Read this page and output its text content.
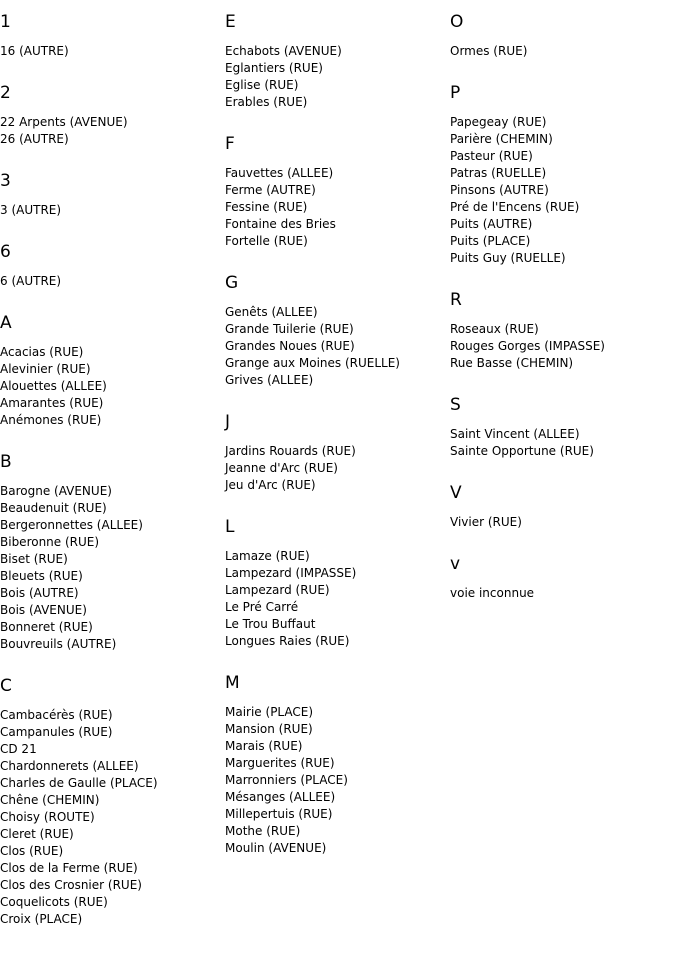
1
16 (AUTRE)
2
22 Arpents (AVENUE)
26 (AUTRE)
3
3 (AUTRE)
6
6 (AUTRE)
A
Acacias (RUE)
Alevinier (RUE)
Alouettes (ALLEE)
Amarantes (RUE)
Anémones (RUE)
B
Barogne (AVENUE)
Beaudenuit (RUE)
Bergeronnettes (ALLEE)
Biberonne (RUE)
Biset (RUE)
Bleuets (RUE)
Bois (AUTRE)
Bois (AVENUE)
Bonneret (RUE)
Bouvreuils (AUTRE)
C
Cambacérès (RUE)
Campanules (RUE)
CD 21
Chardonnerets (ALLEE)
Charles de Gaulle (PLACE)
Chêne (CHEMIN)
Choisy (ROUTE)
Cleret (RUE)
Clos (RUE)
Clos de la Ferme (RUE)
Clos des Crosnier (RUE)
Coquelicots (RUE)
Croix (PLACE)
E
Echabots (AVENUE)
Eglantiers (RUE)
Eglise (RUE)
Erables (RUE)
F
Fauvettes (ALLEE)
Ferme (AUTRE)
Fessine (RUE)
Fontaine des Bries
Fortelle (RUE)
G
Genêts (ALLEE)
Grande Tuilerie (RUE)
Grandes Noues (RUE)
Grange aux Moines (RUELLE)
Grives (ALLEE)
J
Jardins Rouards (RUE)
Jeanne d'Arc (RUE)
Jeu d'Arc (RUE)
L
Lamaze (RUE)
Lampezard (IMPASSE)
Lampezard (RUE)
Le Pré Carré
Le Trou Buffaut
Longues Raies (RUE)
M
Mairie (PLACE)
Mansion (RUE)
Marais (RUE)
Marguerites (RUE)
Marronniers (PLACE)
Mésanges (ALLEE)
Millepertuis (RUE)
Mothe (RUE)
Moulin (AVENUE)
O
Ormes (RUE)
P
Papegeay (RUE)
Parière (CHEMIN)
Pasteur (RUE)
Patras (RUELLE)
Pinsons (AUTRE)
Pré de l'Encens (RUE)
Puits (AUTRE)
Puits (PLACE)
Puits Guy (RUELLE)
R
Roseaux (RUE)
Rouges Gorges (IMPASSE)
Rue Basse (CHEMIN)
S
Saint Vincent (ALLEE)
Sainte Opportune (RUE)
V
Vivier (RUE)
v
voie inconnue
